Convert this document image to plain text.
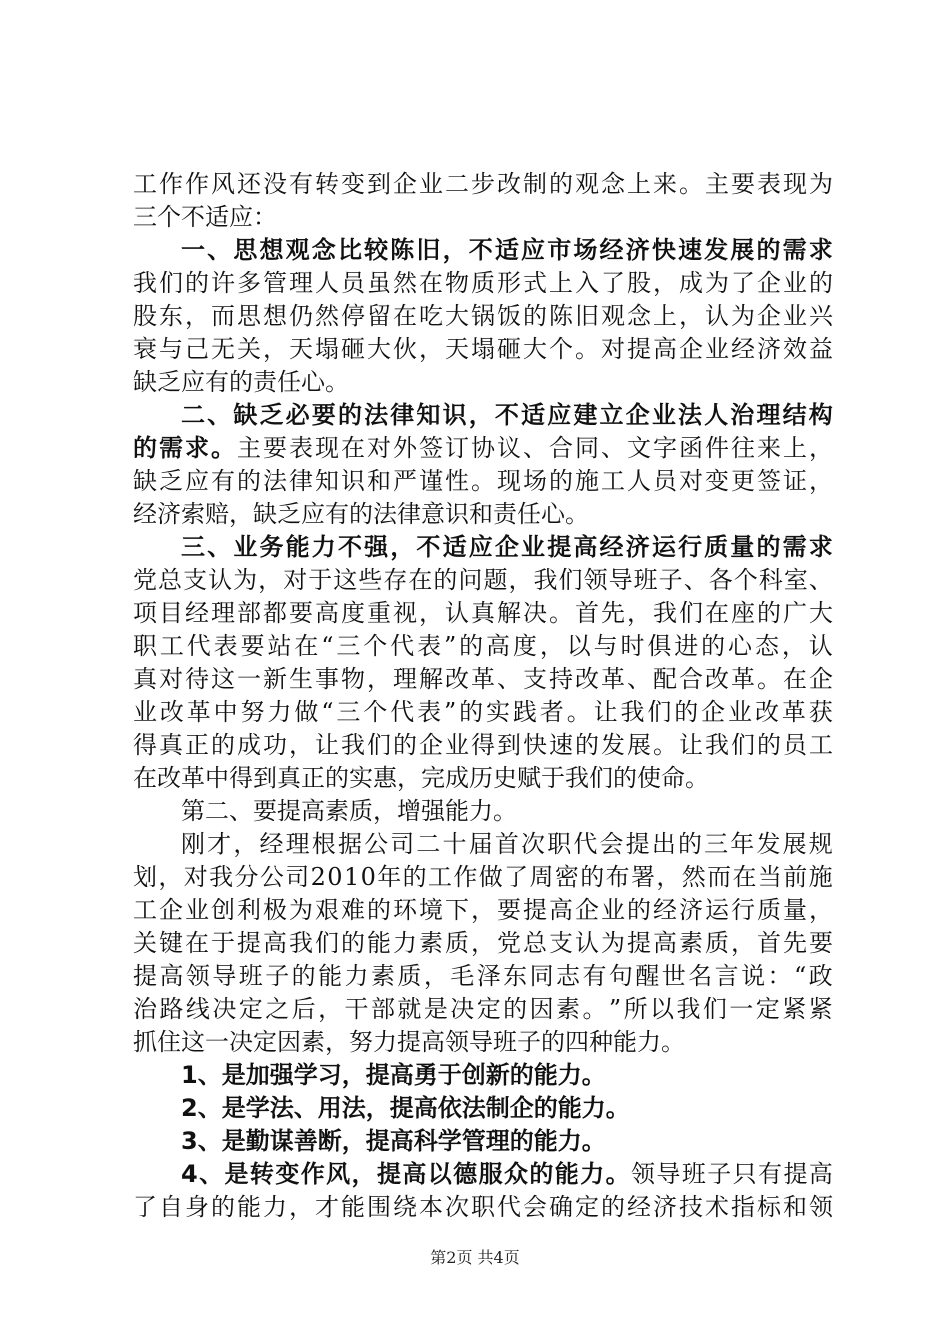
工 作 作 风 还 没 有 转 变 到 企 业 二 步 改 制 的 观 念 上 来 。 主 要 表 现 为
三个不适应：
一 、 思 想 观 念 比 较 陈 旧 ， 不 适 应 市 场 经 济 快 速 发 展 的 需 求
我 们 的 许 多 管 理 人 员 虽 然 在 物 质 形 式 上 入 了 股 ， 成 为 了 企 业 的
股 东 ， 而 思 想 仍 然 停 留 在 吃 大 锅 饭 的 陈 旧 观 念 上 ， 认 为 企 业 兴
衰 与 己 无 关 ， 天 塌 砸 大 伙 ， 天 塌 砸 大 个 。 对 提 高 企 业 经 济 效 益
缺乏应有的责任心。
二 、 缺 乏 必 要 的 法 律 知 识 ， 不 适 应 建 立 企 业 法 人 治 理 结 构
的 需 求 。 主 要 表 现 在 对 外 签 订 协 议 、 合 同 、 文 字 函 件 往 来 上 ，
缺 乏 应 有 的 法 律 知 识 和 严 谨 性 。 现 场 的 施 工 人 员 对 变 更 签 证 ，
经济索赔，缺乏应有的法律意识和责任心。
三 、 业 务 能 力 不 强 ， 不 适 应 企 业 提 高 经 济 运 行 质 量 的 需 求
党 总 支 认 为 ， 对 于 这 些 存 在 的 问 题 ， 我 们 领 导 班 子 、 各 个 科 室 、
项 目 经 理 部 都 要 高 度 重 视 ， 认 真 解 决 。 首 先 ， 我 们 在 座 的 广 大
职 工 代 表 要 站 在 “ 三 个 代 表 ” 的 高 度 ， 以 与 时 俱 进 的 心 态 ， 认
真 对 待 这 一 新 生 事 物 ， 理 解 改 革 、 支 持 改 革 、 配 合 改 革 。 在 企
业 改 革 中 努 力 做 “ 三 个 代 表 ” 的 实 践 者 。 让 我 们 的 企 业 改 革 获
得 真 正 的 成 功 ， 让 我 们 的 企 业 得 到 快 速 的 发 展 。 让 我 们 的 员 工
在改革中得到真正的实惠，完成历史赋于我们的使命。
第二、要提高素质，增强能力。
刚 才 ， 经 理 根 据 公 司 二 十 届 首 次 职 代 会 提 出 的 三 年 发 展 规
划 ， 对 我 分 公 司 2 0 1 0 年 的 工 作 做 了 周 密 的 布 署 ， 然 而 在 当 前 施
工 企 业 创 利 极 为 艰 难 的 环 境 下 ， 要 提 高 企 业 的 经 济 运 行 质 量 ，
关 键 在 于 提 高 我 们 的 能 力 素 质 ， 党 总 支 认 为 提 高 素 质 ， 首 先 要
提 高 领 导 班 子 的 能 力 素 质 ， 毛 泽 东 同 志 有 句 醒 世 名 言 说 ： “ 政
治 路 线 决 定 之 后 ， 干 部 就 是 决 定 的 因 素 。 ” 所 以 我 们 一 定 紧 紧
抓住这一决定因素，努力提高领导班子的四种能力。
1、是加强学习，提高勇于创新的能力。
2、是学法、用法，提高依法制企的能力。
3、是勤谋善断，提高科学管理的能力。
4 、 是 转 变 作 风 ， 提 高 以 德 服 众 的 能 力 。 领 导 班 子 只 有 提 高
了 自 身 的 能 力 ， 才 能 围 绕 本 次 职 代 会 确 定 的 经 济 技 术 指 标 和 领
第2页 共4页
